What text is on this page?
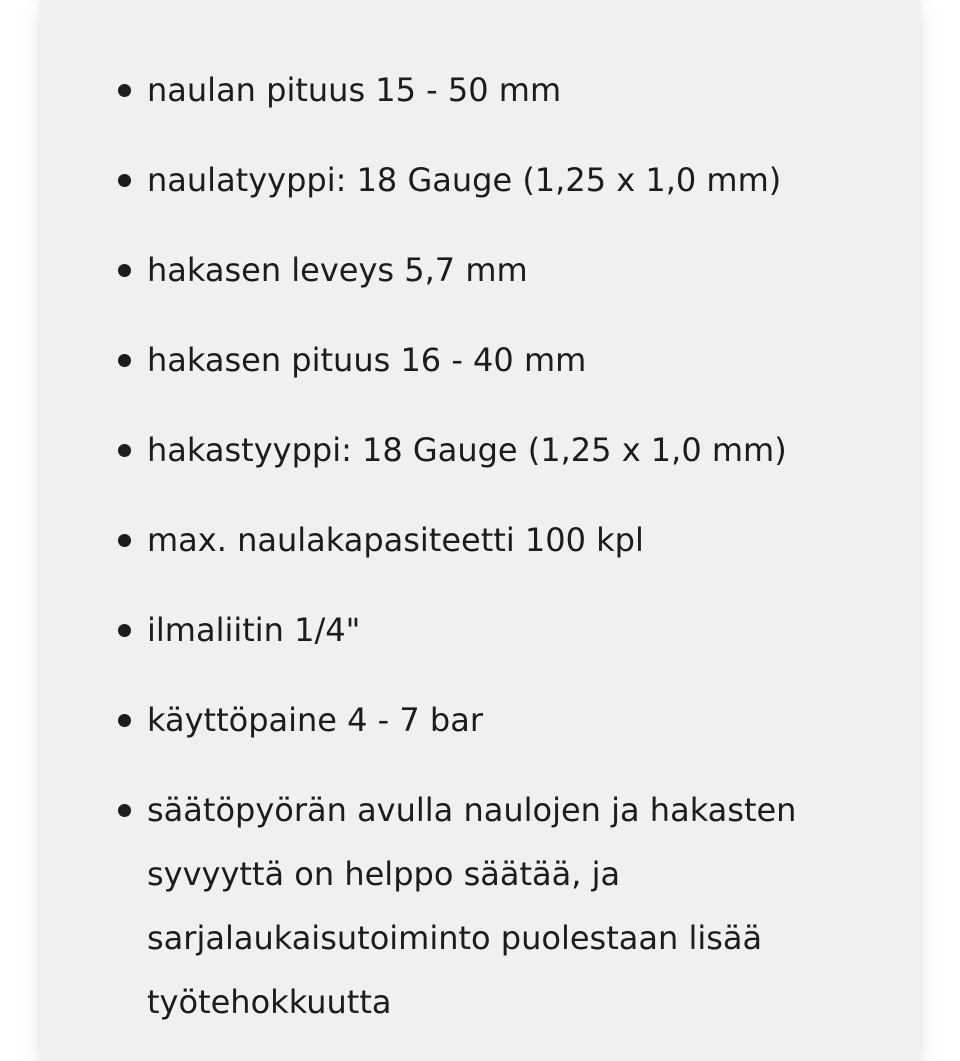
naulan pituus 15 - 50 mm
naulatyyppi: 18 Gauge (1,25 x 1,0 mm)
hakasen leveys 5,7 mm
hakasen pituus 16 - 40 mm
hakastyyppi: 18 Gauge (1,25 x 1,0 mm)
max. naulakapasiteetti 100 kpl
ilmaliitin 1/4"
käyttöpaine 4 - 7 bar
säätöpyörän avulla naulojen ja hakasten syvyyttä on helppo säätää, ja sarjalaukaisutoiminto puolestaan lisää työtehokkuutta
